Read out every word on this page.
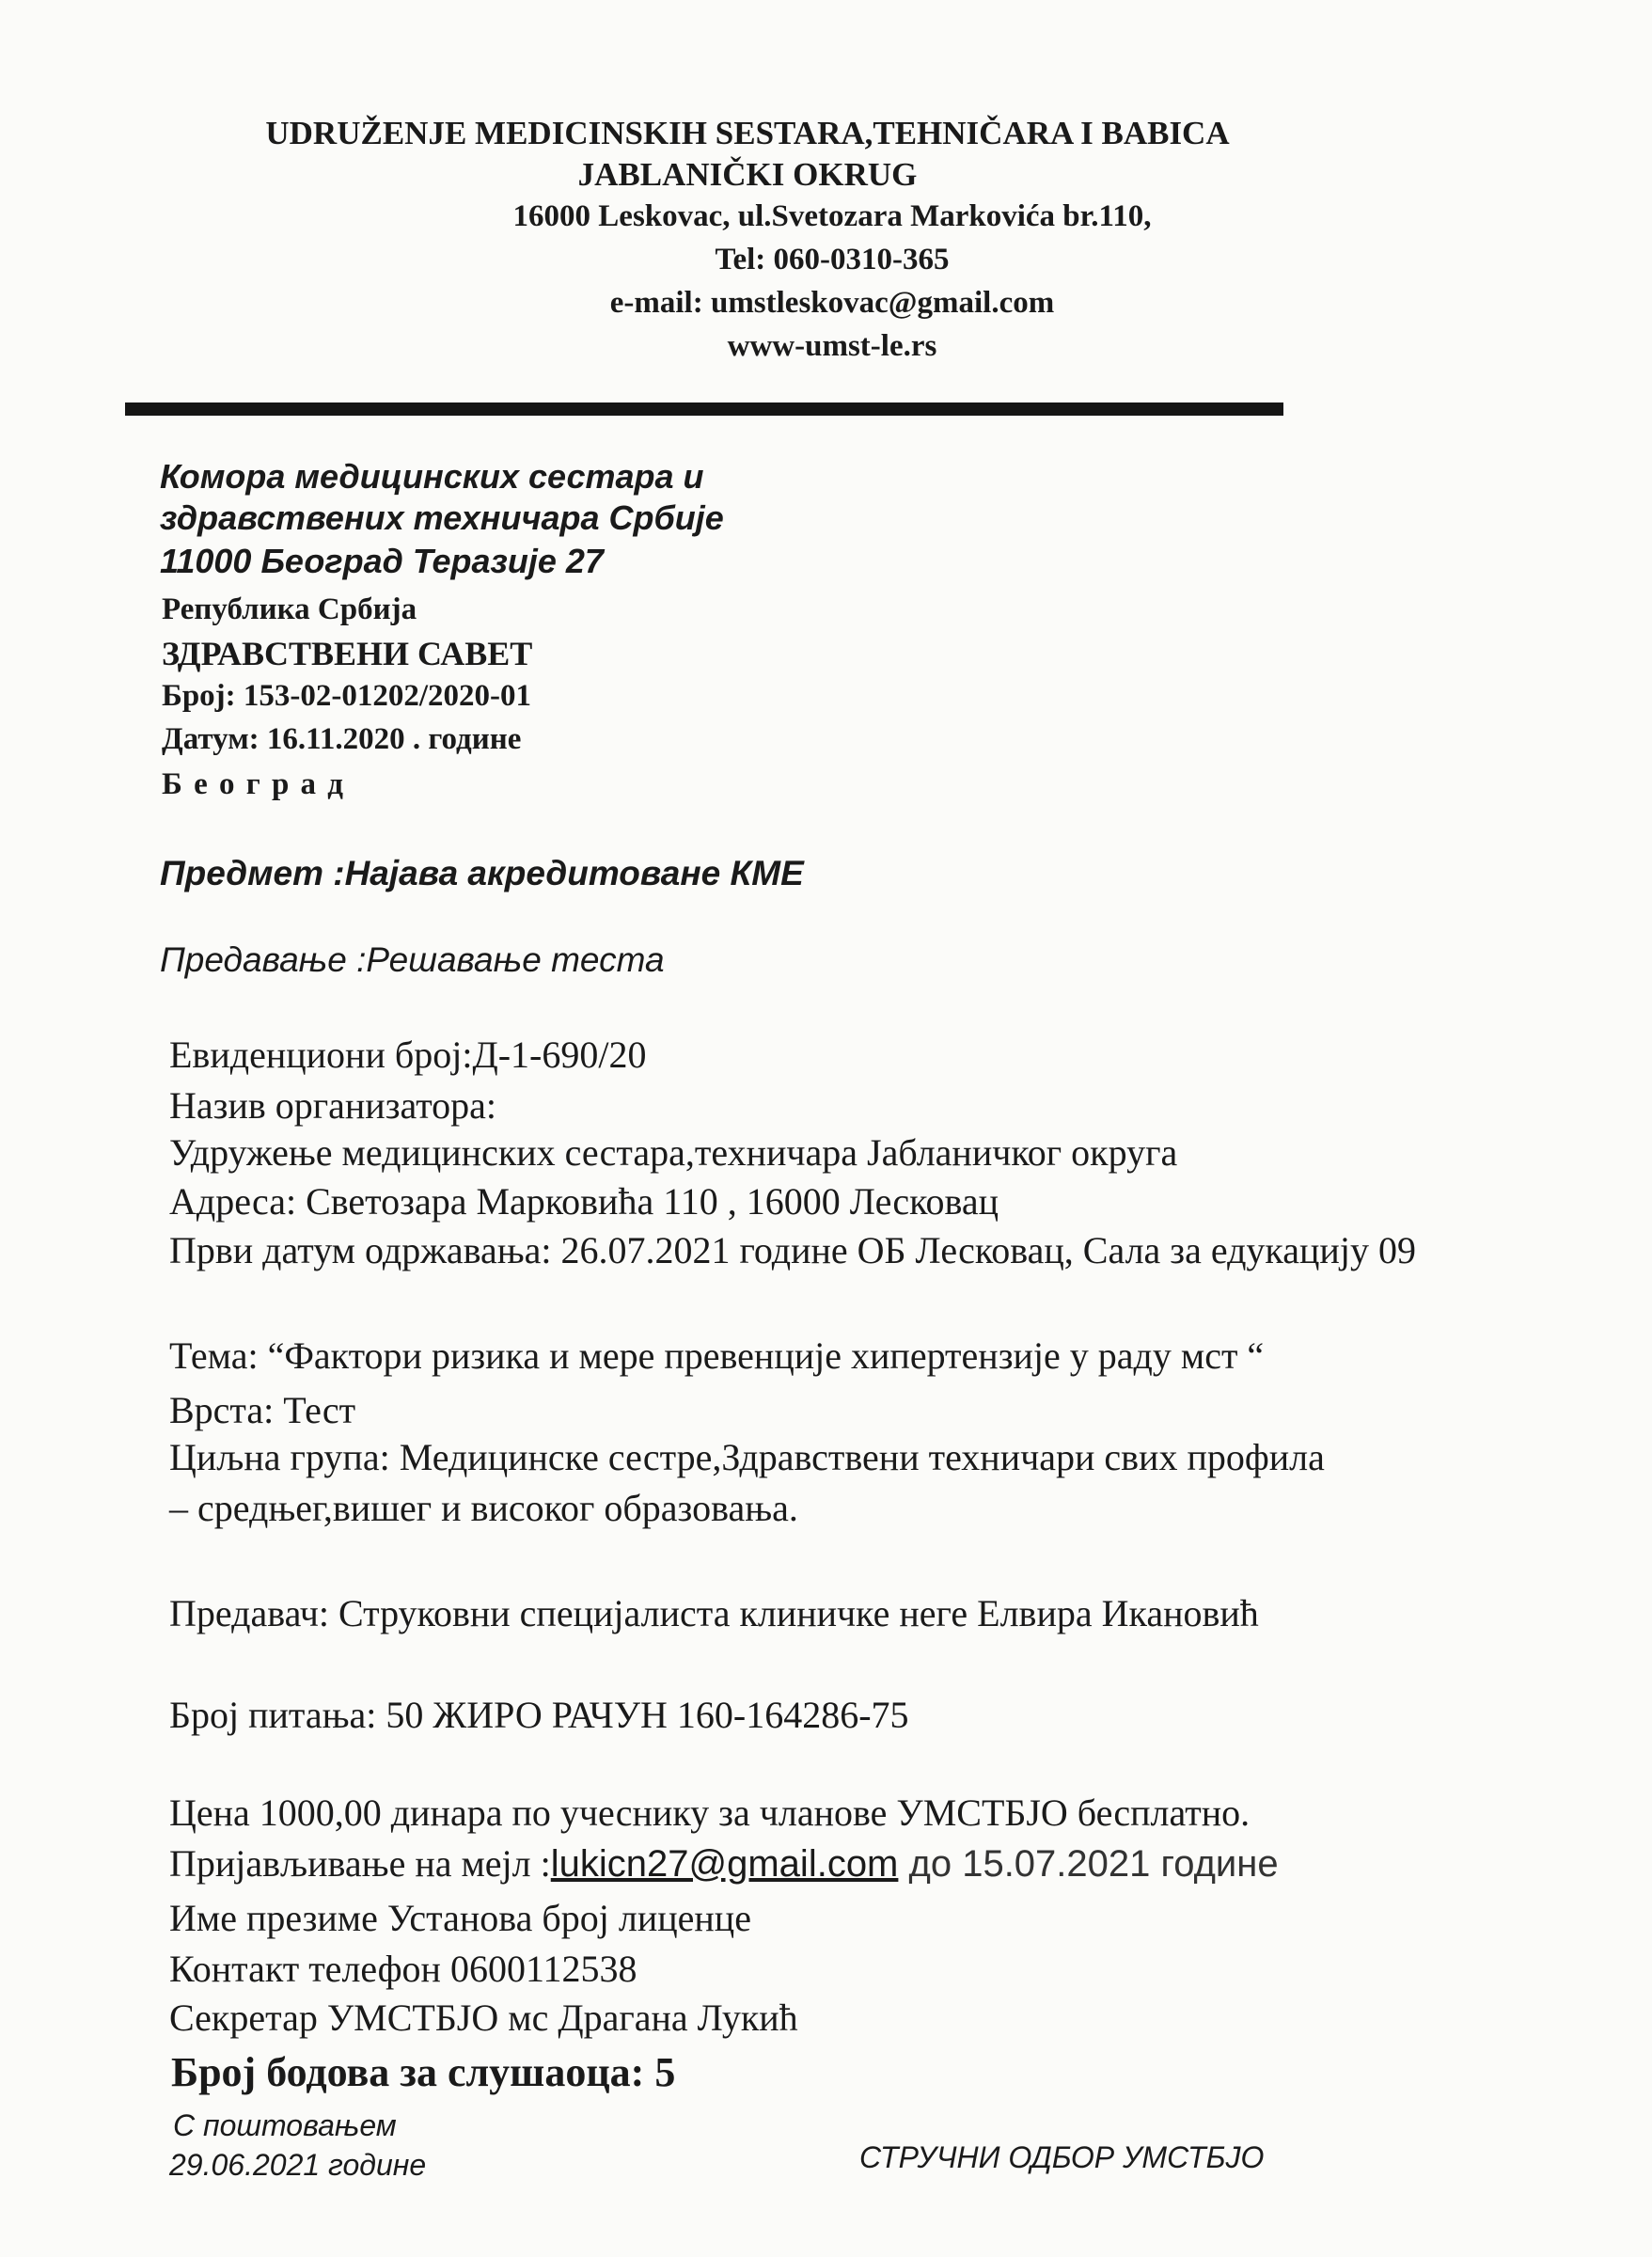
UDRUŽENJE MEDICINSKIH SESTARA,TEHNIČARA I BABICA
JABLANIČKI OKRUG
16000 Leskovac, ul.Svetozara Markovića br.110,
Tel: 060-0310-365
e-mail: umstleskovac@gmail.com
www-umst-le.rs
Комора медицинских сестара и
здравствених техничара Србије
11000 Београд Теразије 27
Република Србија
ЗДРАВСТВЕНИ САВЕТ
Број: 153-02-01202/2020-01
Датум: 16.11.2020 . године
Б е о г р а д
Предмет :Најава акредитоване КМЕ
Предавање :Решавање теста
Евиденциони број:Д-1-690/20
Назив организатора:
Удружење медицинских сестара,техничара Јабланичког округа
Адреса: Светозара Марковића 110 , 16000 Лесковац
Први датум одржавања: 26.07.2021 године ОБ Лесковац, Сала за едукацију 09
Тема: “Фактори ризика и мере превенције хипертензије у раду мст “
Врста: Тест
Циљна група: Медицинске сестре,Здравствени техничари свих профила
– средњег,вишег и високог образовања.
Предавач: Струковни специјалиста клиничке неге Елвира Икановић
Број питања: 50 ЖИРО РАЧУН 160-164286-75
Цена 1000,00 динара по учеснику за чланове УМСТБЈО бесплатно.
Пријављивање на мејл :lukicn27@gmail.com до 15.07.2021 године
Име презиме Установа број лиценце
Контакт телефон 0600112538
Секретар УМСТБЈО мс Драгана Лукић
Број бодова за слушаоца: 5
С поштовањем
29.06.2021 године	СТРУЧНИ ОДБОР УМСТБЈО
